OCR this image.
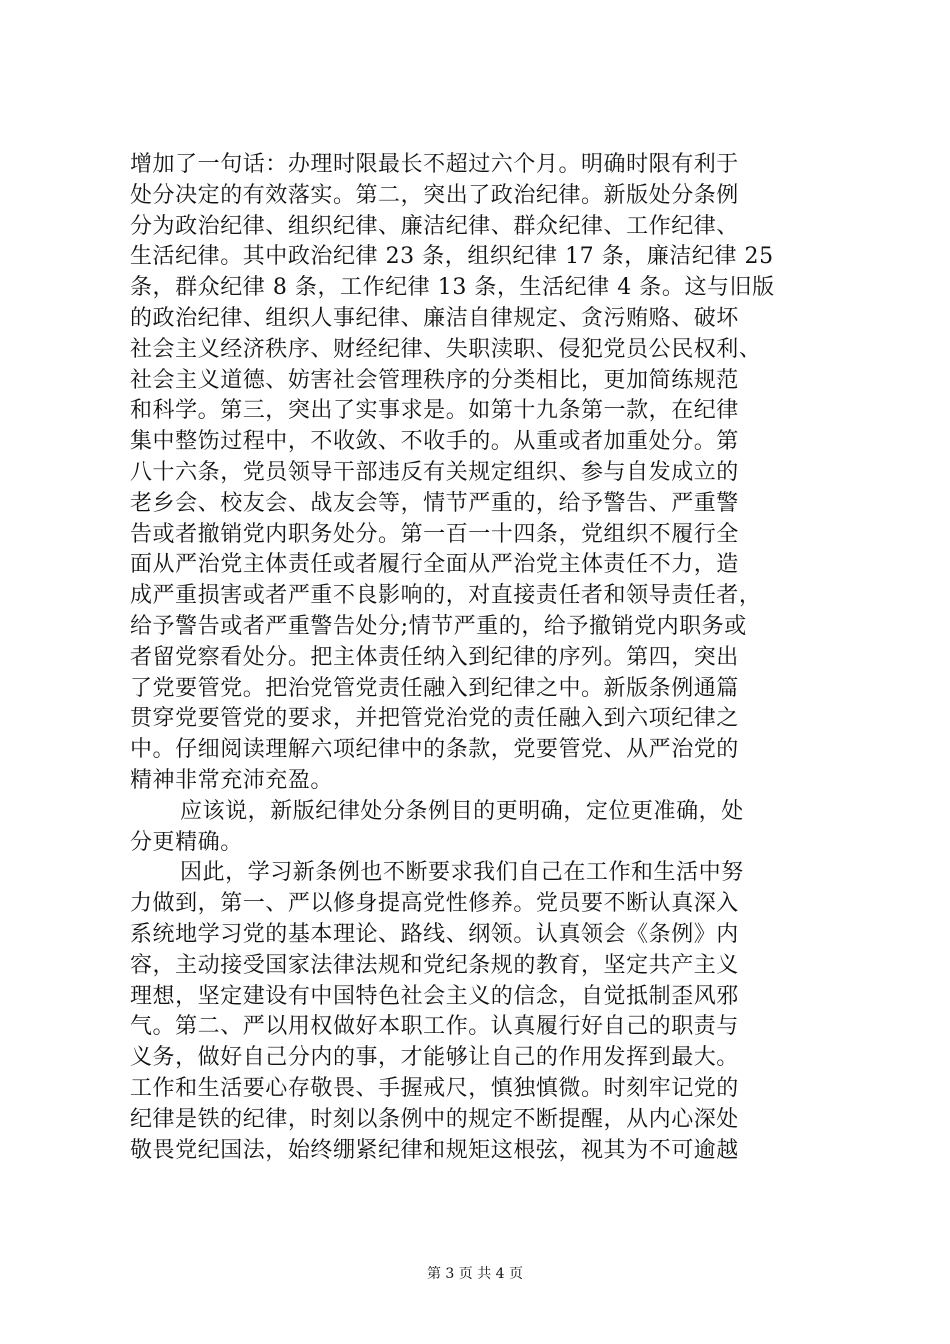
增加了一句话：办理时限最长不超过六个月。明确时限有利于
处分决定的有效落实。第二，突出了政治纪律。新版处分条例
分为政治纪律、组织纪律、廉洁纪律、群众纪律、工作纪律、
生活纪律。其中政治纪律 23 条，组织纪律 17 条，廉洁纪律 25
条，群众纪律 8 条，工作纪律 13 条，生活纪律 4 条。这与旧版
的政治纪律、组织人事纪律、廉洁自律规定、贪污贿赂、破坏
社会主义经济秩序、财经纪律、失职渎职、侵犯党员公民权利、
社会主义道德、妨害社会管理秩序的分类相比，更加简练规范
和科学。第三，突出了实事求是。如第十九条第一款，在纪律
集中整饬过程中，不收敛、不收手的。从重或者加重处分。第
八十六条，党员领导干部违反有关规定组织、参与自发成立的
老乡会、校友会、战友会等，情节严重的，给予警告、严重警
告或者撤销党内职务处分。第一百一十四条，党组织不履行全
面从严治党主体责任或者履行全面从严治党主体责任不力，造
成严重损害或者严重不良影响的，对直接责任者和领导责任者，
给予警告或者严重警告处分;情节严重的，给予撤销党内职务或
者留党察看处分。把主体责任纳入到纪律的序列。第四，突出
了党要管党。把治党管党责任融入到纪律之中。新版条例通篇
贯穿党要管党的要求，并把管党治党的责任融入到六项纪律之
中。仔细阅读理解六项纪律中的条款，党要管党、从严治党的
精神非常充沛充盈。
应该说，新版纪律处分条例目的更明确，定位更准确，处
分更精确。
因此，学习新条例也不断要求我们自己在工作和生活中努
力做到，第一、严以修身提高党性修养。党员要不断认真深入
系统地学习党的基本理论、路线、纲领。认真领会《条例》内
容，主动接受国家法律法规和党纪条规的教育，坚定共产主义
理想，坚定建设有中国特色社会主义的信念，自觉抵制歪风邪
气。第二、严以用权做好本职工作。认真履行好自己的职责与
义务，做好自己分内的事，才能够让自己的作用发挥到最大。
工作和生活要心存敬畏、手握戒尺，慎独慎微。时刻牢记党的
纪律是铁的纪律，时刻以条例中的规定不断提醒，从内心深处
敬畏党纪国法，始终绷紧纪律和规矩这根弦，视其为不可逾越
第 3 页 共 4 页
